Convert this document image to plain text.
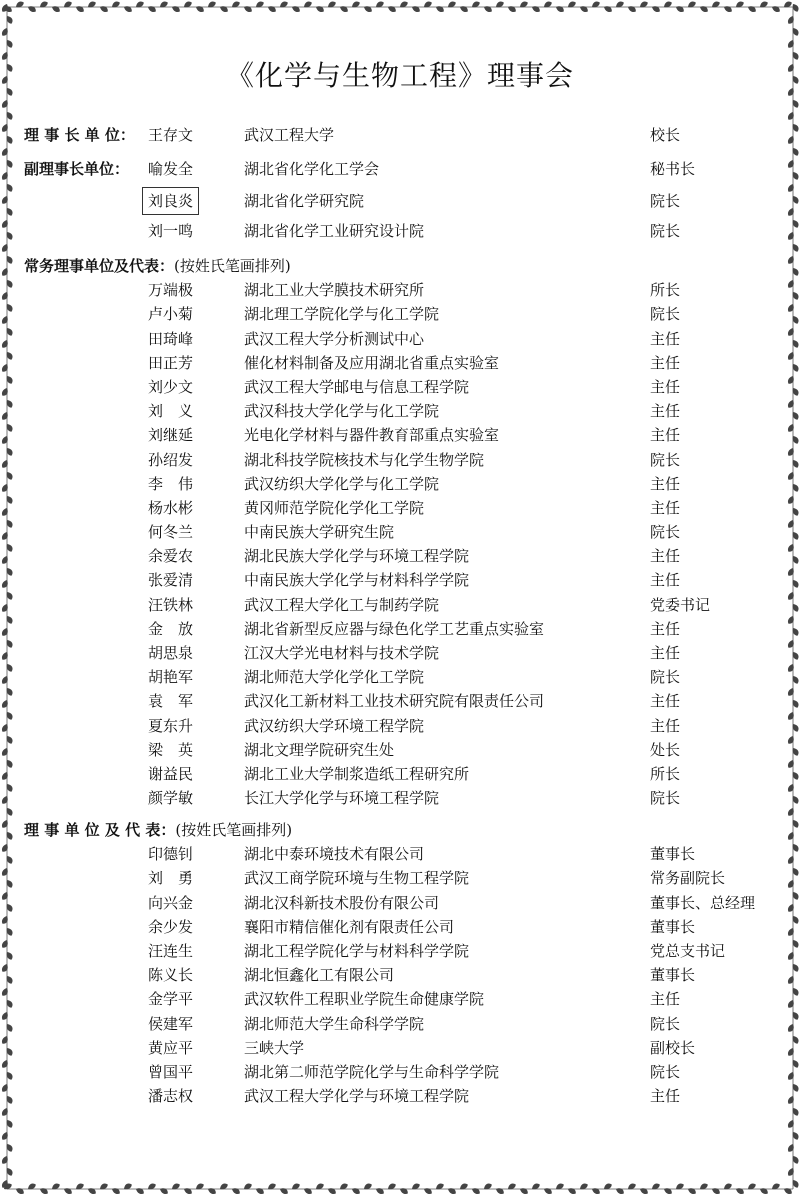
《化学与生物工程》理事会
理 事 长 单 位： 王存文	武汉工程大学	校长
副理事长单位： 喻发全	湖北省化学化工学会	秘书长
刘良炎	湖北省化学研究院	院长
刘一鸣	湖北省化学工业研究设计院	院长
常务理事单位及代表：(按姓氏笔画排列)
万端极	湖北工业大学膜技术研究所	所长
卢小菊	湖北理工学院化学与化工学院	院长
田琦峰	武汉工程大学分析测试中心	主任
田正芳	催化材料制备及应用湖北省重点实验室	主任
刘少文	武汉工程大学邮电与信息工程学院	主任
刘　义	武汉科技大学化学与化工学院	主任
刘继延	光电化学材料与器件教育部重点实验室	主任
孙绍发	湖北科技学院核技术与化学生物学院	院长
李　伟	武汉纺织大学化学与化工学院	主任
杨水彬	黄冈师范学院化学化工学院	主任
何冬兰	中南民族大学研究生院	院长
余爱农	湖北民族大学化学与环境工程学院	主任
张爱清	中南民族大学化学与材料科学学院	主任
汪铁林	武汉工程大学化工与制药学院	党委书记
金　放	湖北省新型反应器与绿色化学工艺重点实验室	主任
胡思泉	江汉大学光电材料与技术学院	主任
胡艳军	湖北师范大学化学化工学院	院长
袁　军	武汉化工新材料工业技术研究院有限责任公司	主任
夏东升	武汉纺织大学环境工程学院	主任
梁　英	湖北文理学院研究生处	处长
谢益民	湖北工业大学制浆造纸工程研究所	所长
颜学敏	长江大学化学与环境工程学院	院长
理 事 单 位 及 代 表：(按姓氏笔画排列)
印德钊	湖北中泰环境技术有限公司	董事长
刘　勇	武汉工商学院环境与生物工程学院	常务副院长
向兴金	湖北汉科新技术股份有限公司	董事长、总经理
余少发	襄阳市精信催化剂有限责任公司	董事长
汪连生	湖北工程学院化学与材料科学学院	党总支书记
陈义长	湖北恒鑫化工有限公司	董事长
金学平	武汉软件工程职业学院生命健康学院	主任
侯建军	湖北师范大学生命科学学院	院长
黄应平	三峡大学	副校长
曾国平	湖北第二师范学院化学与生命科学学院	院长
潘志权	武汉工程大学化学与环境工程学院	主任
